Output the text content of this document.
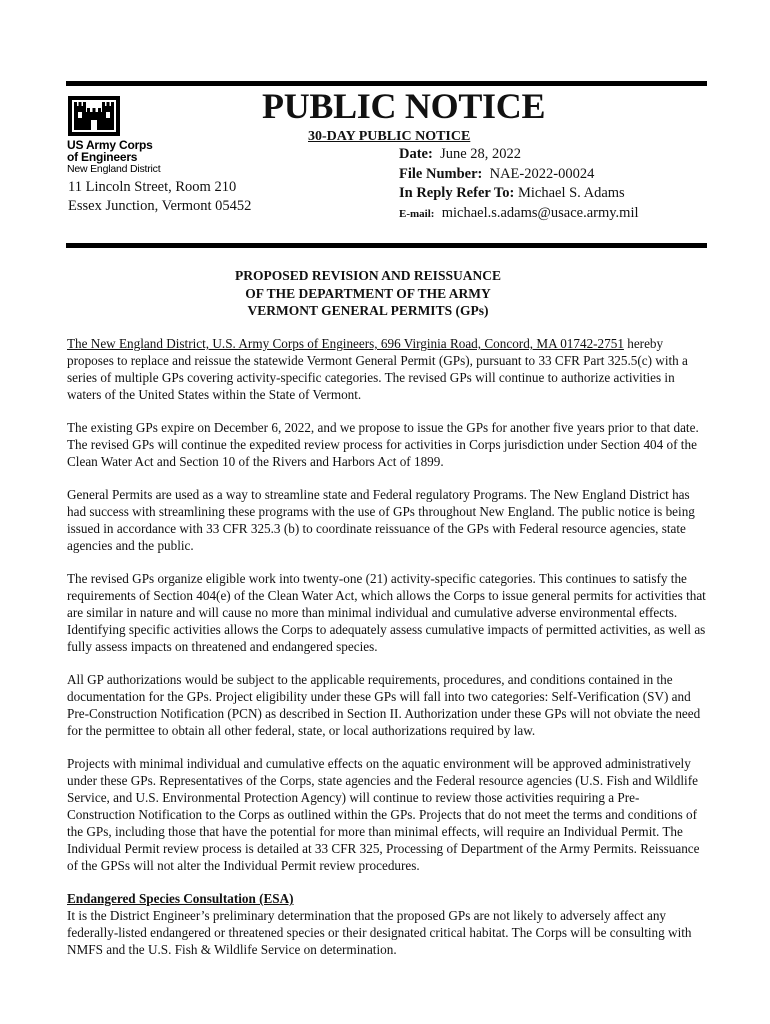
US Army Corps
of Engineers
New England District
11 Lincoln Street, Room 210
Essex Junction, Vermont 05452
PUBLIC NOTICE
30-DAY PUBLIC NOTICE
Date: June 28, 2022
File Number: NAE-2022-00024
In Reply Refer To: Michael S. Adams
E-mail: michael.s.adams@usace.army.mil
PROPOSED REVISION AND REISSUANCE
OF THE DEPARTMENT OF THE ARMY
VERMONT GENERAL PERMITS (GPs)

The New England District, U.S. Army Corps of Engineers, 696 Virginia Road, Concord, MA 01742-2751 hereby proposes to replace and reissue the statewide Vermont General Permit (GPs), pursuant to 33 CFR Part 325.5(c) with a series of multiple GPs covering activity-specific categories. The revised GPs will continue to authorize activities in waters of the United States within the State of Vermont.

The existing GPs expire on December 6, 2022, and we propose to issue the GPs for another five years prior to that date. The revised GPs will continue the expedited review process for activities in Corps jurisdiction under Section 404 of the Clean Water Act and Section 10 of the Rivers and Harbors Act of 1899.

General Permits are used as a way to streamline state and Federal regulatory Programs. The New England District has had success with streamlining these programs with the use of GPs throughout New England. The public notice is being issued in accordance with 33 CFR 325.3 (b) to coordinate reissuance of the GPs with Federal resource agencies, state agencies and the public.

The revised GPs organize eligible work into twenty-one (21) activity-specific categories. This continues to satisfy the requirements of Section 404(e) of the Clean Water Act, which allows the Corps to issue general permits for activities that are similar in nature and will cause no more than minimal individual and cumulative adverse environmental effects. Identifying specific activities allows the Corps to adequately assess cumulative impacts of permitted activities, as well as fully assess impacts on threatened and endangered species.

All GP authorizations would be subject to the applicable requirements, procedures, and conditions contained in the documentation for the GPs. Project eligibility under these GPs will fall into two categories: Self-Verification (SV) and Pre-Construction Notification (PCN) as described in Section II. Authorization under these GPs will not obviate the need for the permittee to obtain all other federal, state, or local authorizations required by law.

Projects with minimal individual and cumulative effects on the aquatic environment will be approved administratively under these GPs. Representatives of the Corps, state agencies and the Federal resource agencies (U.S. Fish and Wildlife Service, and U.S. Environmental Protection Agency) will continue to review those activities requiring a Pre-Construction Notification to the Corps as outlined within the GPs. Projects that do not meet the terms and conditions of the GPs, including those that have the potential for more than minimal effects, will require an Individual Permit. The Individual Permit review process is detailed at 33 CFR 325, Processing of Department of the Army Permits. Reissuance of the GPSs will not alter the Individual Permit review procedures.

Endangered Species Consultation (ESA)

It is the District Engineer’s preliminary determination that the proposed GPs are not likely to adversely affect any federally-listed endangered or threatened species or their designated critical habitat. The Corps will be consulting with NMFS and the U.S. Fish & Wildlife Service on determination.
